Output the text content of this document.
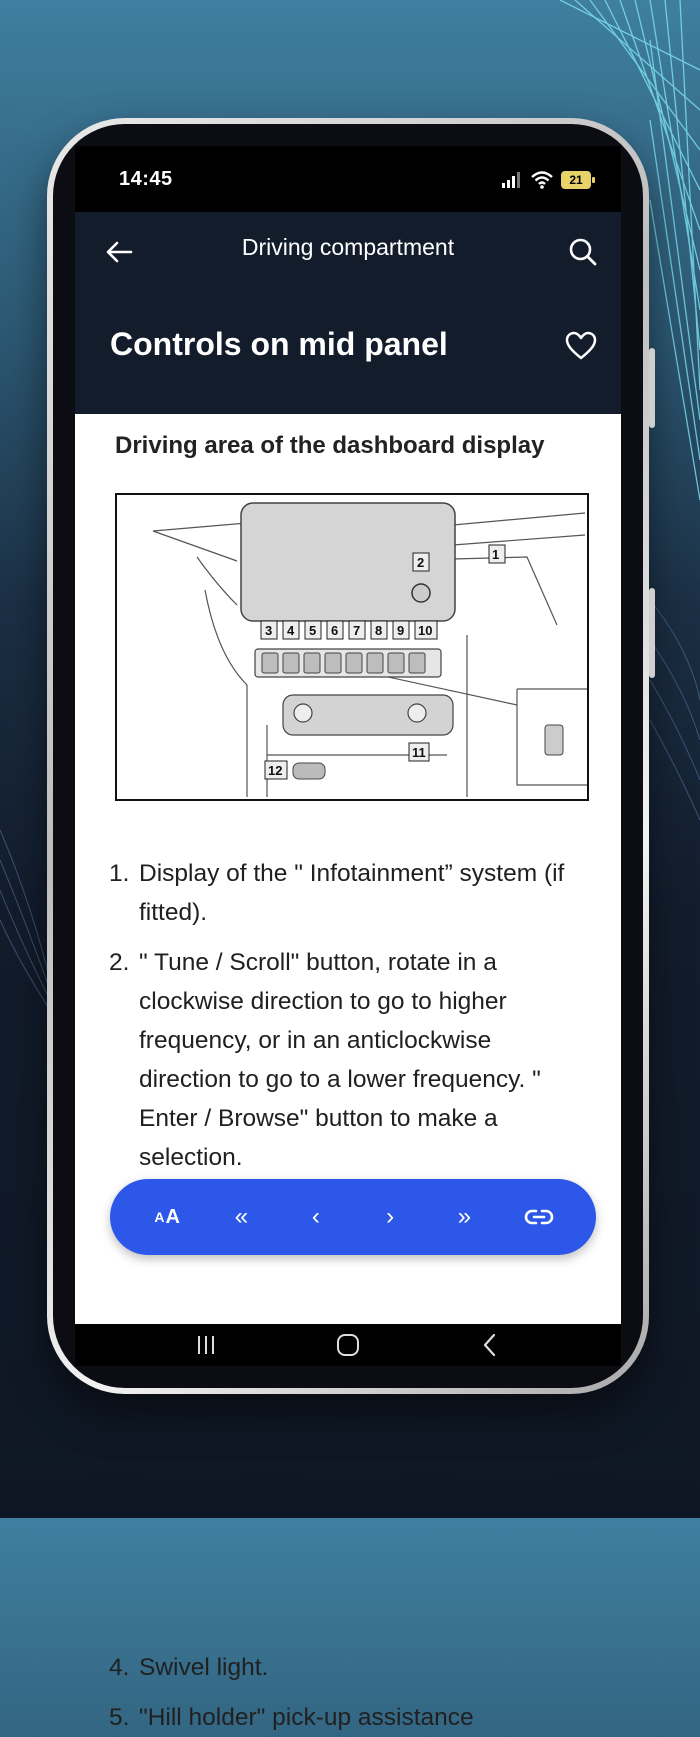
14:45	21
Driving compartment
Controls on mid panel
Driving area of the dashboard display
1
2
3 4 5 6 7 8 9 10
11
12
1. Display of the " Infotainment” system (if fitted).
2. " Tune / Scroll" button, rotate in a clockwise direction to go to higher frequency, or in an anticlockwise direction to go to a lower frequency. " Enter / Browse" button to make a selection.
4. Swivel light.
5. "Hill holder" pick-up assistance
A A «	‹	›	»
